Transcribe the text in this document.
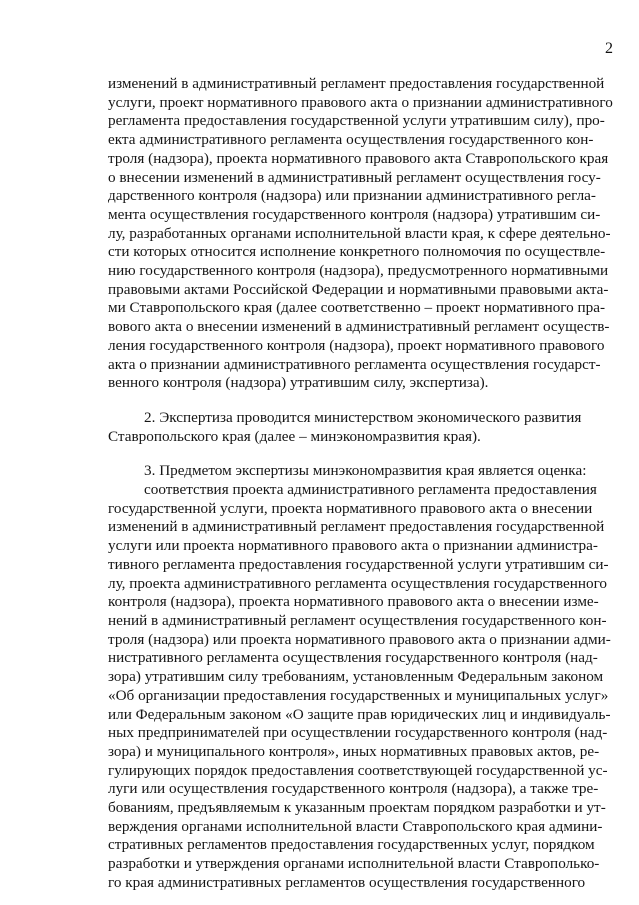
2
изменений в административный регламент предоставления государственной
услуги, проект нормативного правового акта о признании административного
регламента предоставления государственной услуги утратившим силу), про-
екта административного регламента осуществления государственного кон-
троля (надзора), проекта нормативного правового акта Ставропольского края
о внесении изменений в административный регламент осуществления госу-
дарственного контроля (надзора) или признании административного регла-
мента осуществления государственного контроля (надзора) утратившим си-
лу, разработанных органами исполнительной власти края, к сфере деятельно-
сти которых относится исполнение конкретного полномочия по осуществле-
нию государственного контроля (надзора), предусмотренного нормативными
правовыми актами Российской Федерации и нормативными правовыми акта-
ми Ставропольского края (далее соответственно – проект нормативного пра-
вового акта о внесении изменений в административный регламент осуществ-
ления государственного контроля (надзора), проект нормативного правового
акта о признании административного регламента осуществления государст-
венного контроля (надзора) утратившим силу, экспертиза).
2. Экспертиза проводится министерством экономического развития
Ставропольского края (далее – минэкономразвития края).
3. Предметом экспертизы минэкономразвития края является оценка:
соответствия проекта административного регламента предоставления
государственной услуги, проекта нормативного правового акта о внесении
изменений в административный регламент предоставления государственной
услуги или проекта нормативного правового акта о признании администра-
тивного регламента предоставления государственной услуги утратившим си-
лу, проекта административного регламента осуществления государственного
контроля (надзора), проекта нормативного правового акта о внесении изме-
нений в административный регламент осуществления государственного кон-
троля (надзора) или проекта нормативного правового акта о признании адми-
нистративного регламента осуществления государственного контроля (над-
зора) утратившим силу требованиям, установленным Федеральным законом
«Об организации предоставления государственных и муниципальных услуг»
или Федеральным законом «О защите прав юридических лиц и индивидуаль-
ных предпринимателей при осуществлении государственного контроля (над-
зора) и муниципального контроля», иных нормативных правовых актов, ре-
гулирующих порядок предоставления соответствующей государственной ус-
луги или осуществления государственного контроля (надзора), а также тре-
бованиям, предъявляемым к указанным проектам порядком разработки и ут-
верждения органами исполнительной власти Ставропольского края админи-
стративных регламентов предоставления государственных услуг, порядком
разработки и утверждения органами исполнительной власти Ставрополько-
го края административных регламентов осуществления государственного
